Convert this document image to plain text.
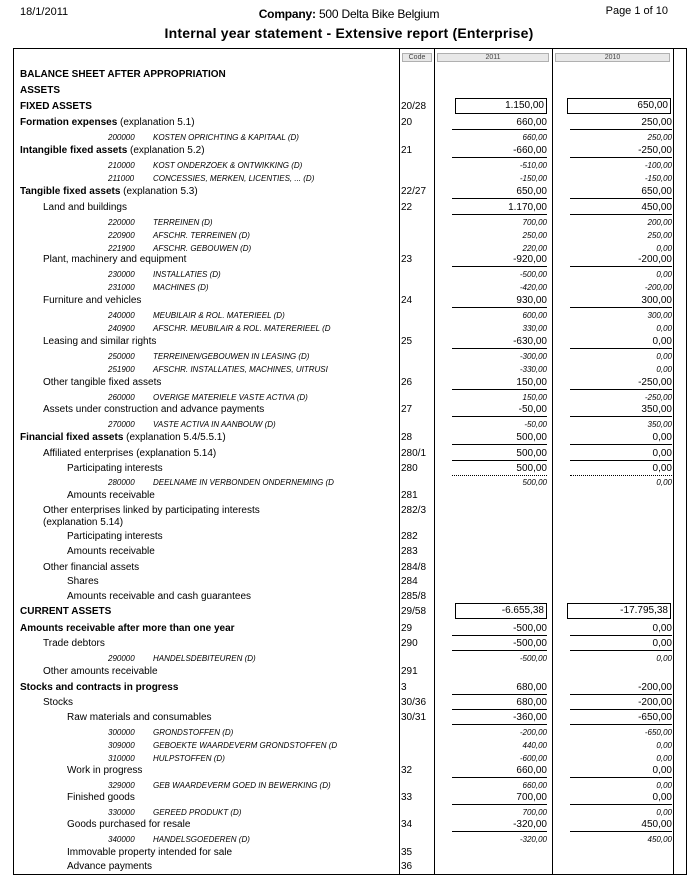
18/1/2011	Company: 500 Delta Bike Belgium	Page 1 of 10
Internal year statement - Extensive report (Enterprise)
Code	2011	2010
BALANCE SHEET AFTER APPROPRIATION
ASSETS
FIXED ASSETS	20/28	1.150,00	650,00
Formation expenses (explanation 5.1)	20	660,00	250,00
200000 KOSTEN OPRICHTING & KAPITAAL (D)	660,00	250,00
Intangible fixed assets (explanation 5.2)	21	-660,00	-250,00
210000 KOST ONDERZOEK & ONTWIKKING (D)	-510,00	-100,00
211000 CONCESSIES, MERKEN, LICENTIES, ... (D)	-150,00	-150,00
Tangible fixed assets (explanation 5.3)	22/27	650,00	650,00
Land and buildings	22	1.170,00	450,00
220000 TERREINEN (D)	700,00	200,00
220900 AFSCHR. TERREINEN (D)	250,00	250,00
221900 AFSCHR. GEBOUWEN (D)	220,00	0,00
Plant, machinery and equipment	23	-920,00	-200,00
230000 INSTALLATIES (D)	-500,00	0,00
231000 MACHINES (D)	-420,00	-200,00
Furniture and vehicles	24	930,00	300,00
240000 MEUBILAIR & ROL. MATERIEEL (D)	600,00	300,00
240900 AFSCHR. MEUBILAIR & ROL. MATERERIEEL (D	330,00	0,00
Leasing and similar rights	25	-630,00	0,00
250000 TERREINEN/GEBOUWEN IN LEASING (D)	-300,00	0,00
251900 AFSCHR. INSTALLATIES, MACHINES, UITRUSI	-330,00	0,00
Other tangible fixed assets	26	150,00	-250,00
260000 OVERIGE MATERIELE VASTE ACTIVA (D)	150,00	-250,00
Assets under construction and advance payments	27	-50,00	350,00
270000 VASTE ACTIVA IN AANBOUW (D)	-50,00	350,00
Financial fixed assets (explanation 5.4/5.5.1)	28	500,00	0,00
Affiliated enterprises (explanation 5.14)	280/1	500,00	0,00
Participating interests	280	500,00	0,00
280000 DEELNAME IN VERBONDEN ONDERNEMING (D	500,00	0,00
Amounts receivable	281
Other enterprises linked by participating interests	282/3
(explanation 5.14)
Participating interests	282
Amounts receivable	283
Other financial assets	284/8
Shares	284
Amounts receivable and cash guarantees	285/8
CURRENT ASSETS	29/58	-6.655,38	-17.795,38
Amounts receivable after more than one year	29	-500,00	0,00
Trade debtors	290	-500,00	0,00
290000 HANDELSDEBITEUREN (D)	-500,00	0,00
Other amounts receivable	291
Stocks and contracts in progress	3	680,00	-200,00
Stocks	30/36	680,00	-200,00
Raw materials and consumables	30/31	-360,00	-650,00
300000 GRONDSTOFFEN (D)	-200,00	-650,00
309000 GEBOEKTE WAARDEVERM GRONDSTOFFEN (D	440,00	0,00
310000 HULPSTOFFEN (D)	-600,00	0,00
Work in progress	32	660,00	0,00
329000 GEB WAARDEVERM GOED IN BEWERKING (D)	660,00	0,00
Finished goods	33	700,00	0,00
330000 GEREED PRODUKT (D)	700,00	0,00
Goods purchased for resale	34	-320,00	450,00
340000 HANDELSGOEDEREN (D)	-320,00	450,00
Immovable property intended for sale	35
Advance payments	36
